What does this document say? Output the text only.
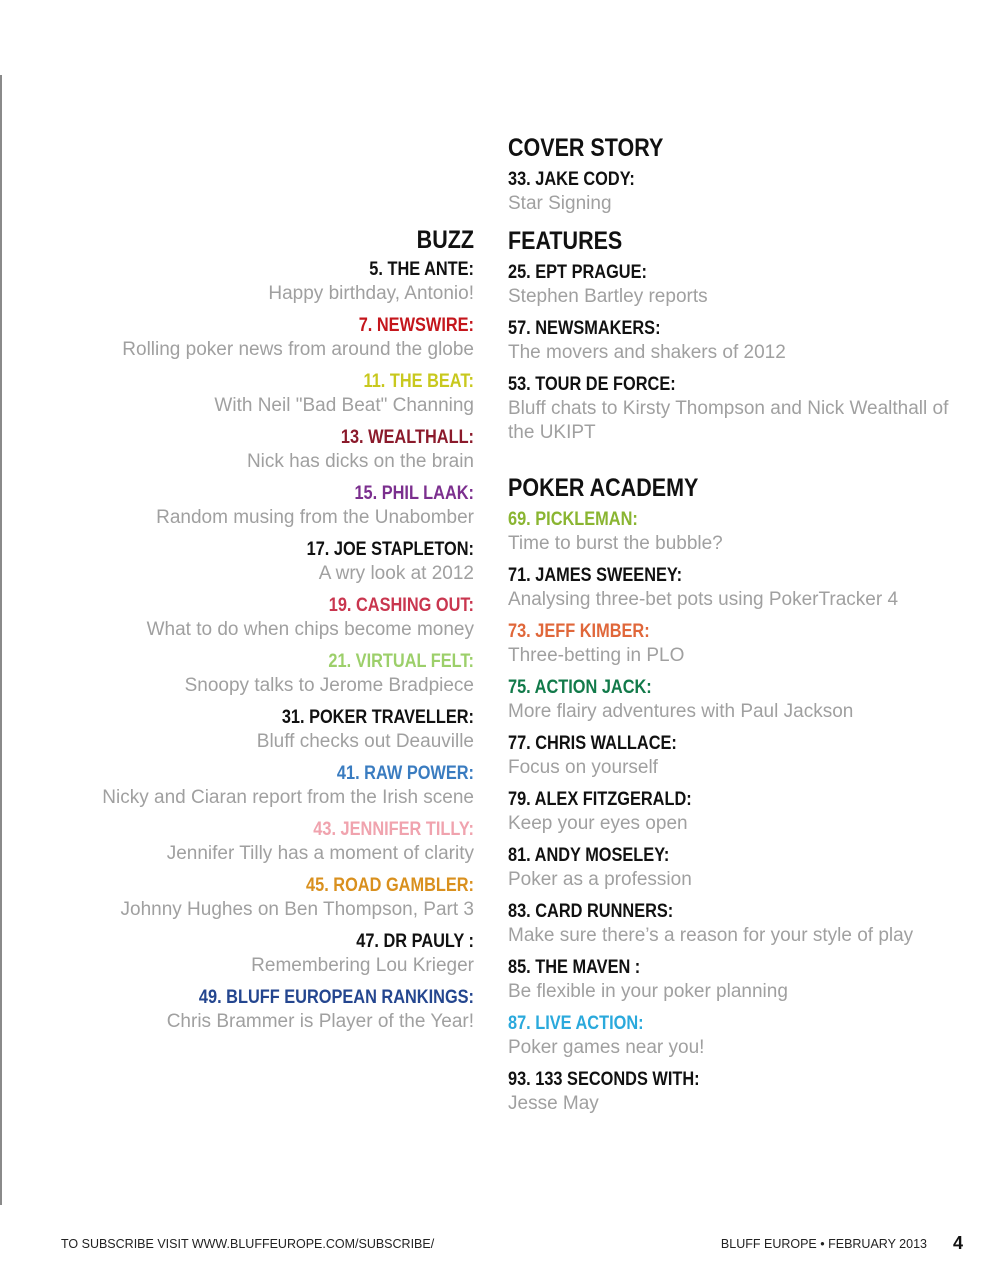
BUZZ
5. THE ANTE:
Happy birthday, Antonio!
7. NEWSWIRE:
Rolling poker news from around the globe
11. THE BEAT:
With Neil "Bad Beat" Channing
13. WEALTHALL:
Nick has dicks on the brain
15. PHIL LAAK:
Random musing from the Unabomber
17. JOE STAPLETON:
A wry look at 2012
19. CASHING OUT:
What to do when chips become money
21. VIRTUAL FELT:
Snoopy talks to Jerome Bradpiece
31. POKER TRAVELLER:
Bluff checks out Deauville
41. RAW POWER:
Nicky and Ciaran report from the Irish scene
43. JENNIFER TILLY:
Jennifer Tilly has a moment of clarity
45. ROAD GAMBLER:
Johnny Hughes on Ben Thompson, Part 3
47. DR PAULY :
Remembering Lou Krieger
49. BLUFF EUROPEAN RANKINGS:
Chris Brammer is Player of the Year!
COVER STORY
33. JAKE CODY:
Star Signing
FEATURES
25. EPT PRAGUE:
Stephen Bartley reports
57. NEWSMAKERS:
The movers and shakers of 2012
53. TOUR DE FORCE:
Bluff chats to Kirsty Thompson and Nick Wealthall of the UKIPT
POKER ACADEMY
69. PICKLEMAN:
Time to burst the bubble?
71. JAMES SWEENEY:
Analysing three-bet pots using PokerTracker 4
73. JEFF KIMBER:
Three-betting in PLO
75. ACTION JACK:
More flairy adventures with Paul Jackson
77. CHRIS WALLACE:
Focus on yourself
79. ALEX FITZGERALD:
Keep your eyes open
81. ANDY MOSELEY:
Poker as a profession
83. CARD RUNNERS:
Make sure there’s a reason for your style of play
85. THE MAVEN :
Be flexible in your poker planning
87. LIVE ACTION:
Poker games near you!
93. 133 SECONDS WITH:
Jesse May
TO SUBSCRIBE VISIT WWW.BLUFFEUROPE.COM/SUBSCRIBE/	BLUFF EUROPE • FEBRUARY 2013 4
